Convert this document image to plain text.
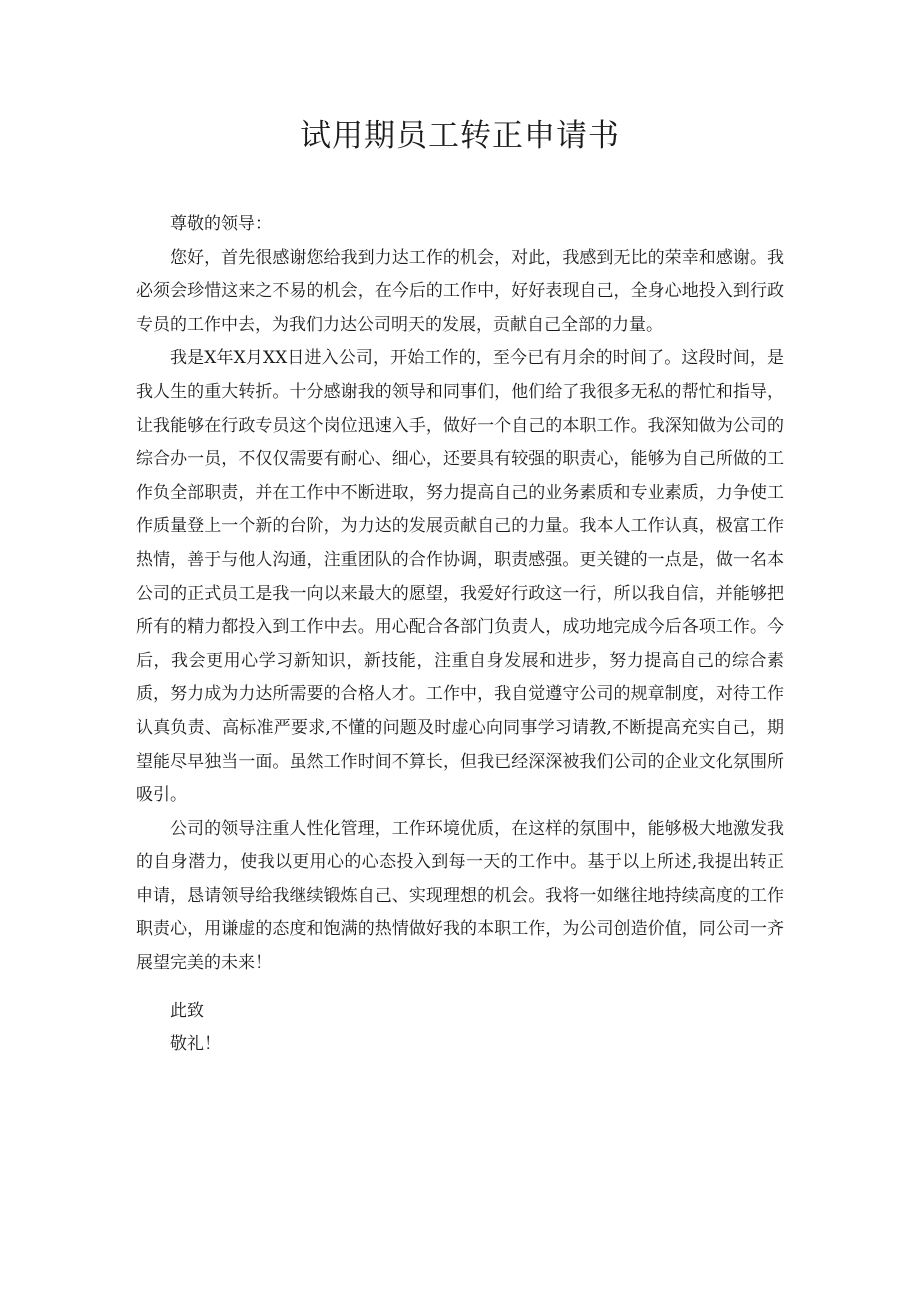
试用期员工转正申请书

尊敬的领导：

您好，首先很感谢您给我到力达工作的机会，对此，我感到无比的荣幸和感谢。我必须会珍惜这来之不易的机会，在今后的工作中，好好表现自己，全身心地投入到行政专员的工作中去，为我们力达公司明天的发展，贡献自己全部的力量。

我是X年X月XX日进入公司，开始工作的，至今已有月余的时间了。这段时间，是我人生的重大转折。十分感谢我的领导和同事们，他们给了我很多无私的帮忙和指导，让我能够在行政专员这个岗位迅速入手，做好一个自己的本职工作。我深知做为公司的综合办一员，不仅仅需要有耐心、细心，还要具有较强的职责心，能够为自己所做的工作负全部职责，并在工作中不断进取，努力提高自己的业务素质和专业素质，力争使工作质量登上一个新的台阶，为力达的发展贡献自己的力量。我本人工作认真，极富工作热情，善于与他人沟通，注重团队的合作协调，职责感强。更关键的一点是，做一名本公司的正式员工是我一向以来最大的愿望，我爱好行政这一行，所以我自信，并能够把所有的精力都投入到工作中去。用心配合各部门负责人，成功地完成今后各项工作。今后，我会更用心学习新知识，新技能，注重自身发展和进步，努力提高自己的综合素质，努力成为力达所需要的合格人才。工作中，我自觉遵守公司的规章制度，对待工作认真负责、高标准严要求,不懂的问题及时虚心向同事学习请教,不断提高充实自己，期望能尽早独当一面。虽然工作时间不算长，但我已经深深被我们公司的企业文化氛围所吸引。

公司的领导注重人性化管理，工作环境优质，在这样的氛围中，能够极大地激发我的自身潜力，使我以更用心的心态投入到每一天的工作中。基于以上所述,我提出转正申请，恳请领导给我继续锻炼自己、实现理想的机会。我将一如继往地持续高度的工作职责心，用谦虚的态度和饱满的热情做好我的本职工作，为公司创造价值，同公司一齐展望完美的未来！

此致

敬礼！
